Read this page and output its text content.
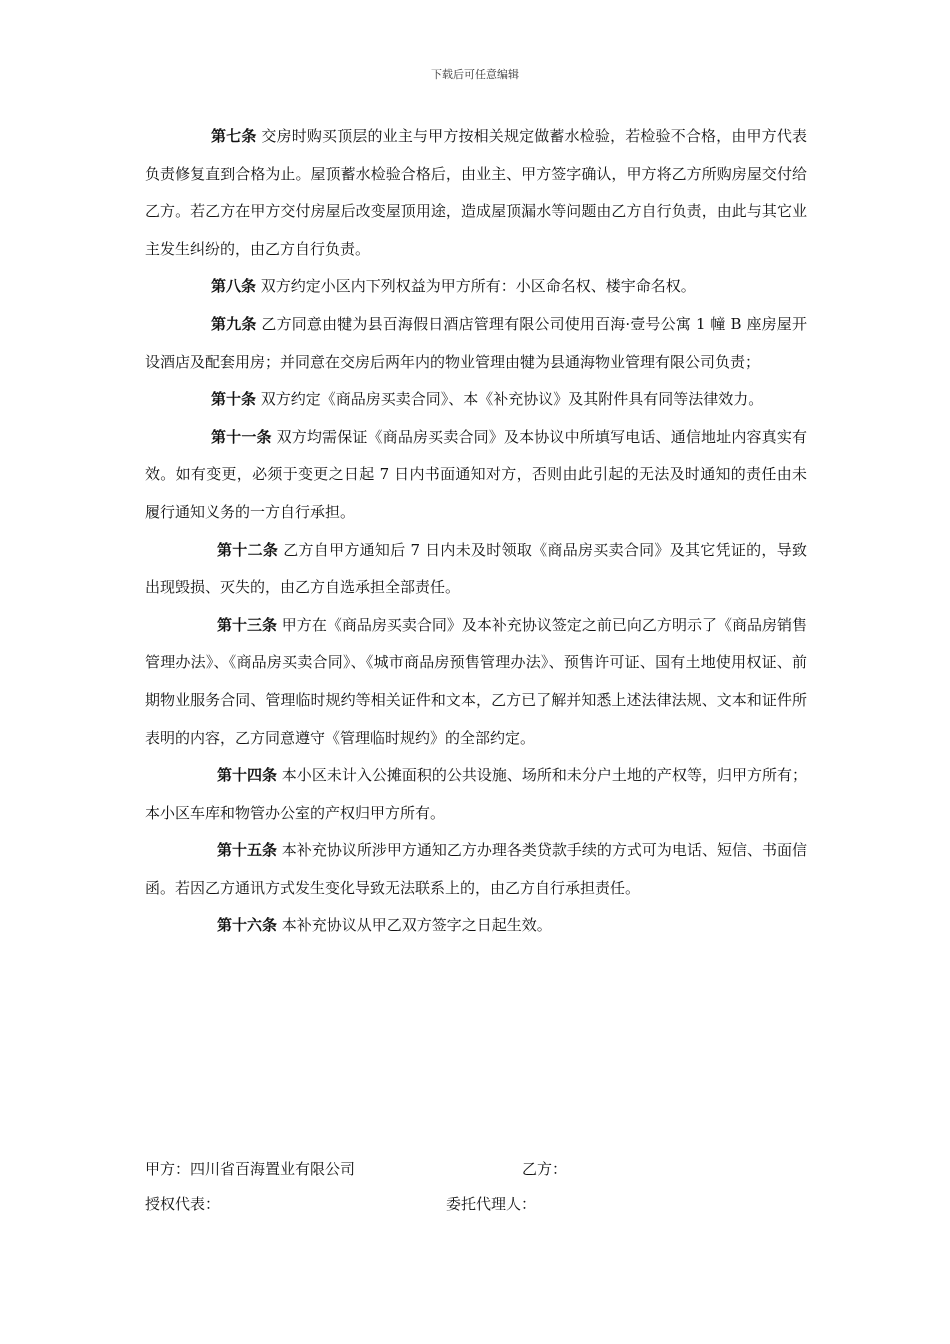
下载后可任意编辑

第七条 交房时购买顶层的业主与甲方按相关规定做蓄水检验，若检验不合格，由甲方代表负责修复直到合格为止。屋顶蓄水检验合格后，由业主、甲方签字确认，甲方将乙方所购房屋交付给乙方。若乙方在甲方交付房屋后改变屋顶用途，造成屋顶漏水等问题由乙方自行负责，由此与其它业主发生纠纷的，由乙方自行负责。

第八条 双方约定小区内下列权益为甲方所有：小区命名权、楼宇命名权。

第九条 乙方同意由犍为县百海假日酒店管理有限公司使用百海·壹号公寓 1 幢 B 座房屋开设酒店及配套用房；并同意在交房后两年内的物业管理由犍为县通海物业管理有限公司负责；

第十条 双方约定《商品房买卖合同》、本《补充协议》及其附件具有同等法律效力。

第十一条 双方均需保证《商品房买卖合同》及本协议中所填写电话、通信地址内容真实有效。如有变更，必须于变更之日起 7 日内书面通知对方，否则由此引起的无法及时通知的责任由未履行通知义务的一方自行承担。

第十二条 乙方自甲方通知后 7 日内未及时领取《商品房买卖合同》及其它凭证的，导致出现毁损、灭失的，由乙方自选承担全部责任。

第十三条 甲方在《商品房买卖合同》及本补充协议签定之前已向乙方明示了《商品房销售管理办法》、《商品房买卖合同》、《城市商品房预售管理办法》、预售许可证、国有土地使用权证、前期物业服务合同、管理临时规约等相关证件和文本，乙方已了解并知悉上述法律法规、文本和证件所表明的内容，乙方同意遵守《管理临时规约》的全部约定。

第十四条 本小区未计入公摊面积的公共设施、场所和未分户土地的产权等，归甲方所有；本小区车库和物管办公室的产权归甲方所有。

第十五条 本补充协议所涉甲方通知乙方办理各类贷款手续的方式可为电话、短信、书面信函。若因乙方通讯方式发生变化导致无法联系上的，由乙方自行承担责任。

第十六条 本补充协议从甲乙双方签字之日起生效。

甲方：四川省百海置业有限公司	乙方：
授权代表：	委托代理人：
